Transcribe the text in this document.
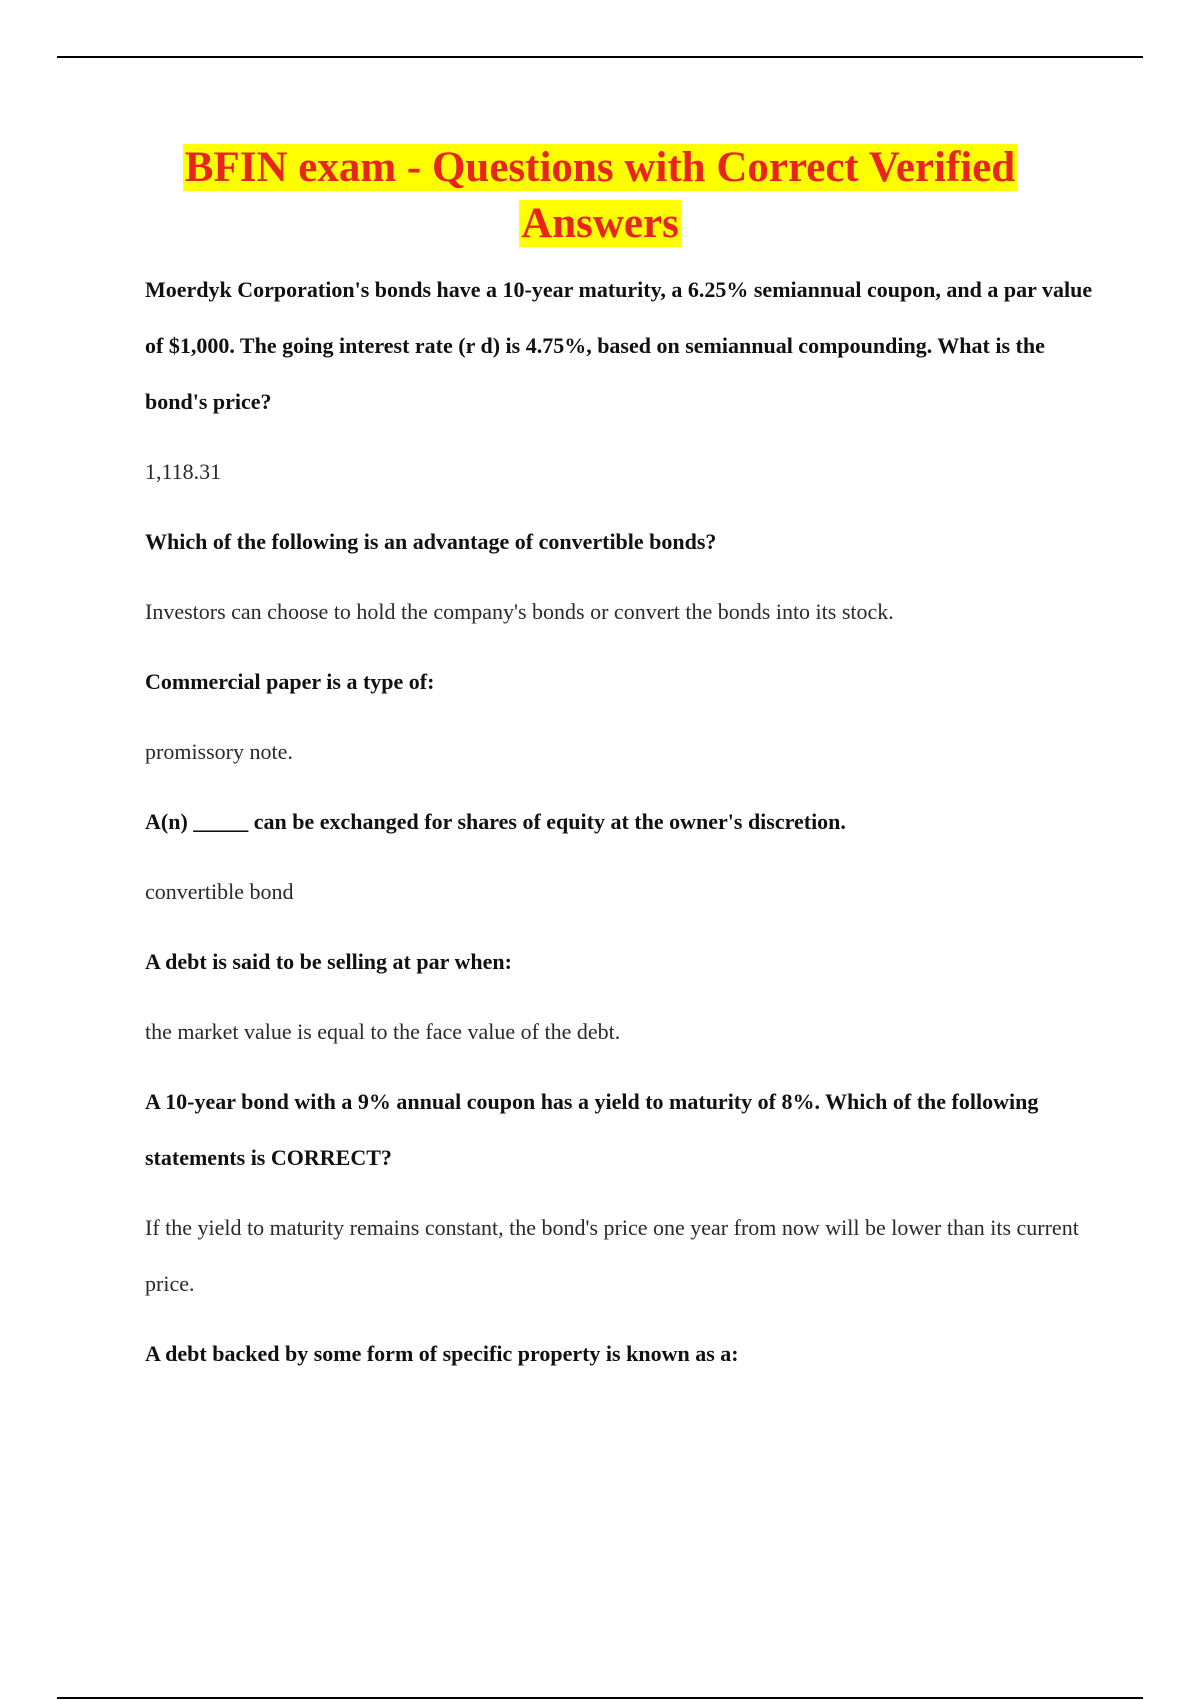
BFIN exam - Questions with Correct Verified
Answers

Moerdyk Corporation's bonds have a 10-year maturity, a 6.25% semiannual coupon, and a par value of $1,000. The going interest rate (r d) is 4.75%, based on semiannual compounding. What is the bond's price?

1,118.31

Which of the following is an advantage of convertible bonds?

Investors can choose to hold the company's bonds or convert the bonds into its stock.

Commercial paper is a type of:

promissory note.

A(n) _____ can be exchanged for shares of equity at the owner's discretion.

convertible bond

A debt is said to be selling at par when:

the market value is equal to the face value of the debt.

A 10-year bond with a 9% annual coupon has a yield to maturity of 8%. Which of the following statements is CORRECT?

If the yield to maturity remains constant, the bond's price one year from now will be lower than its current price.

A debt backed by some form of specific property is known as a:
